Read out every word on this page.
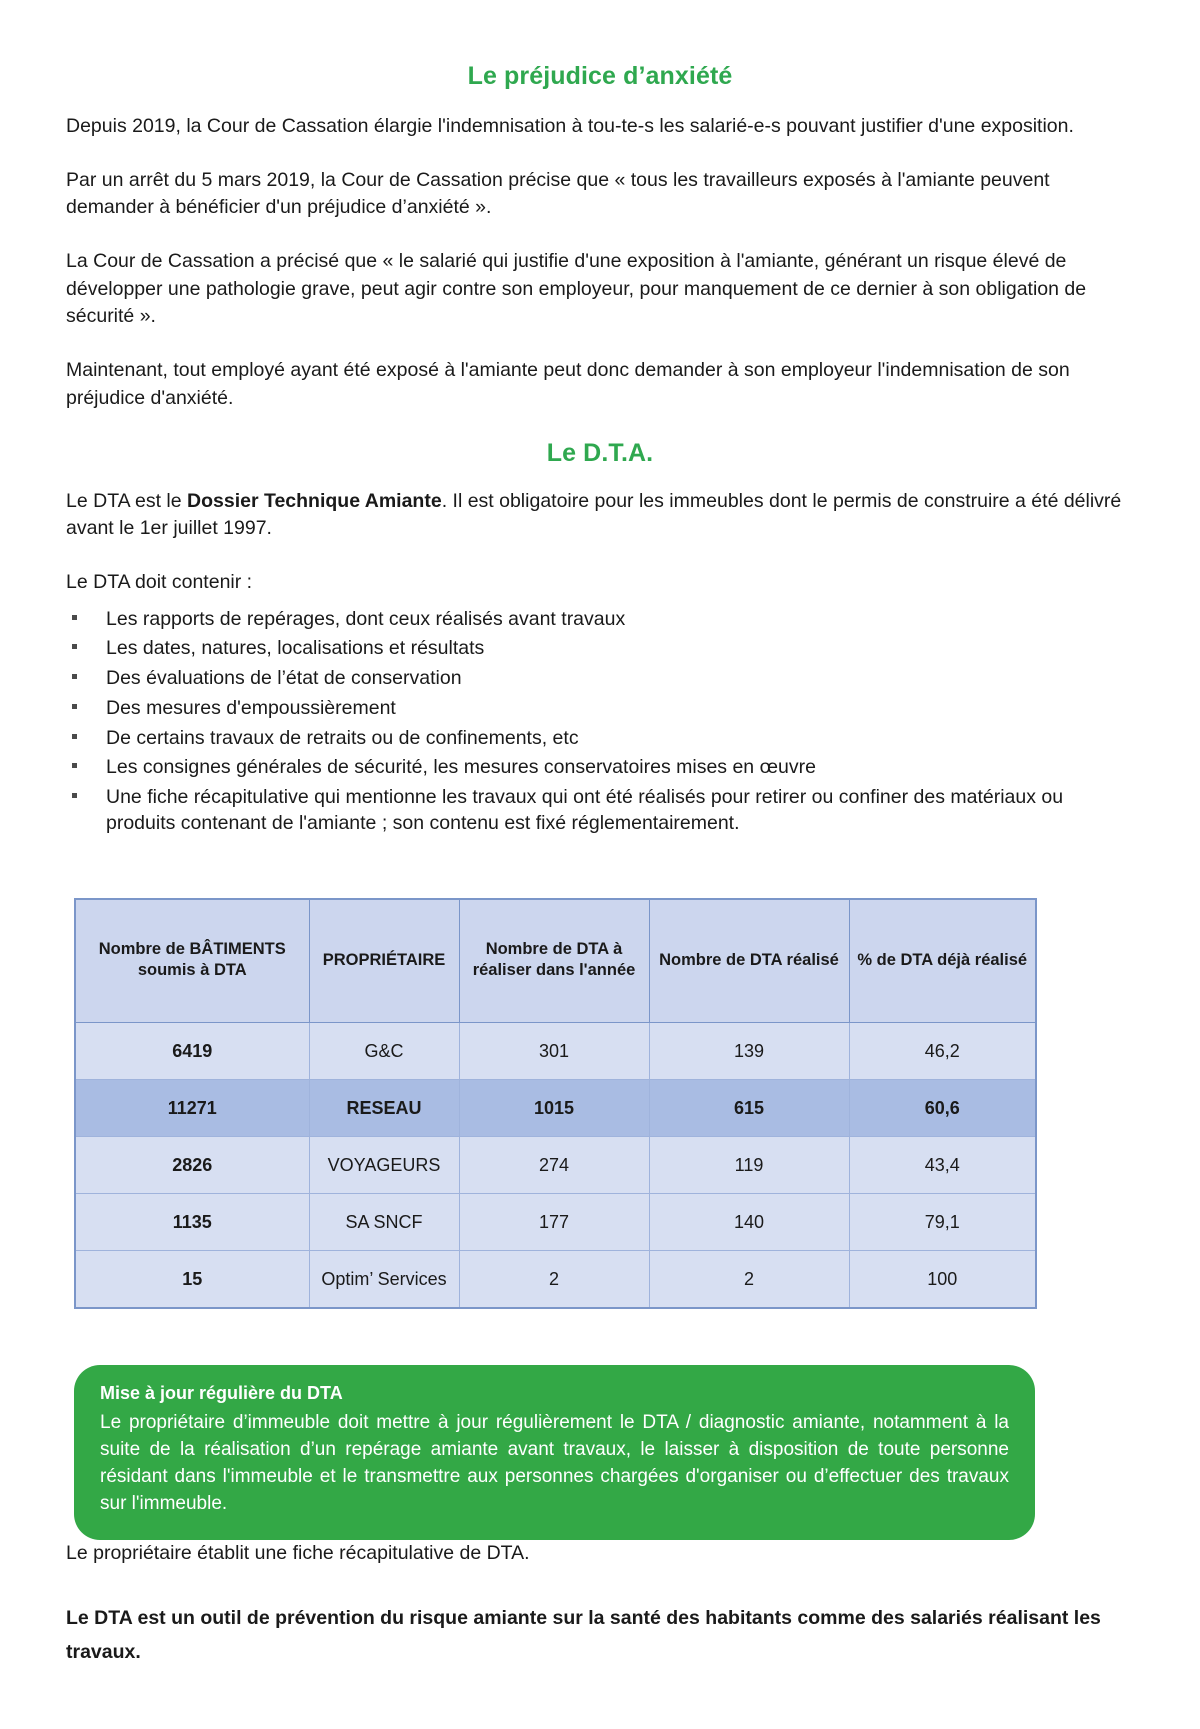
Le préjudice d’anxiété

Depuis 2019, la Cour de Cassation élargie l'indemnisation à tou-te-s les salarié-e-s pouvant justifier d'une exposition.

Par un arrêt du 5 mars 2019, la Cour de Cassation précise que « tous les travailleurs exposés à l'amiante peuvent demander à bénéficier d'un préjudice d’anxiété ».

La Cour de Cassation a précisé que « le salarié qui justifie d'une exposition à l'amiante, générant un risque élevé de développer une pathologie grave, peut agir contre son employeur, pour manquement de ce dernier à son obligation de sécurité ».

Maintenant, tout employé ayant été exposé à l'amiante peut donc demander à son employeur l'indemnisation de son préjudice d'anxiété.

Le D.T.A.

Le DTA est le Dossier Technique Amiante. Il est obligatoire pour les immeubles dont le permis de construire a été délivré avant le 1er juillet 1997.

Le DTA doit contenir :

Les rapports de repérages, dont ceux réalisés avant travaux
Les dates, natures, localisations et résultats
Des évaluations de l’état de conservation
Des mesures d'empoussièrement
De certains travaux de retraits ou de confinements, etc
Les consignes générales de sécurité, les mesures conservatoires mises en œuvre
Une fiche récapitulative qui mentionne les travaux qui ont été réalisés pour retirer ou confiner des matériaux ou produits contenant de l'amiante ; son contenu est fixé réglementairement.
Nombre de BÂTIMENTS soumis à DTA	PROPRIÉTAIRE	Nombre de DTA à réaliser dans l'année	Nombre de DTA réalisé	% de DTA déjà réalisé
6419	G&C	301	139	46,2
11271	RESEAU	1015	615	60,6
2826	VOYAGEURS	274	119	43,4
1135	SA SNCF	177	140	79,1
15	Optim’ Services	2	2	100

Mise à jour régulière du DTA

Le propriétaire d’immeuble doit mettre à jour régulièrement le DTA / diagnostic amiante, notamment à la suite de la réalisation d’un repérage amiante avant travaux, le laisser à disposition de toute personne résidant dans l'immeuble et le transmettre aux personnes chargées d'organiser ou d’effectuer des travaux sur l'immeuble.

Le propriétaire établit une fiche récapitulative de DTA.

Le DTA est un outil de prévention du risque amiante sur la santé des habitants comme des salariés réalisant les travaux.
